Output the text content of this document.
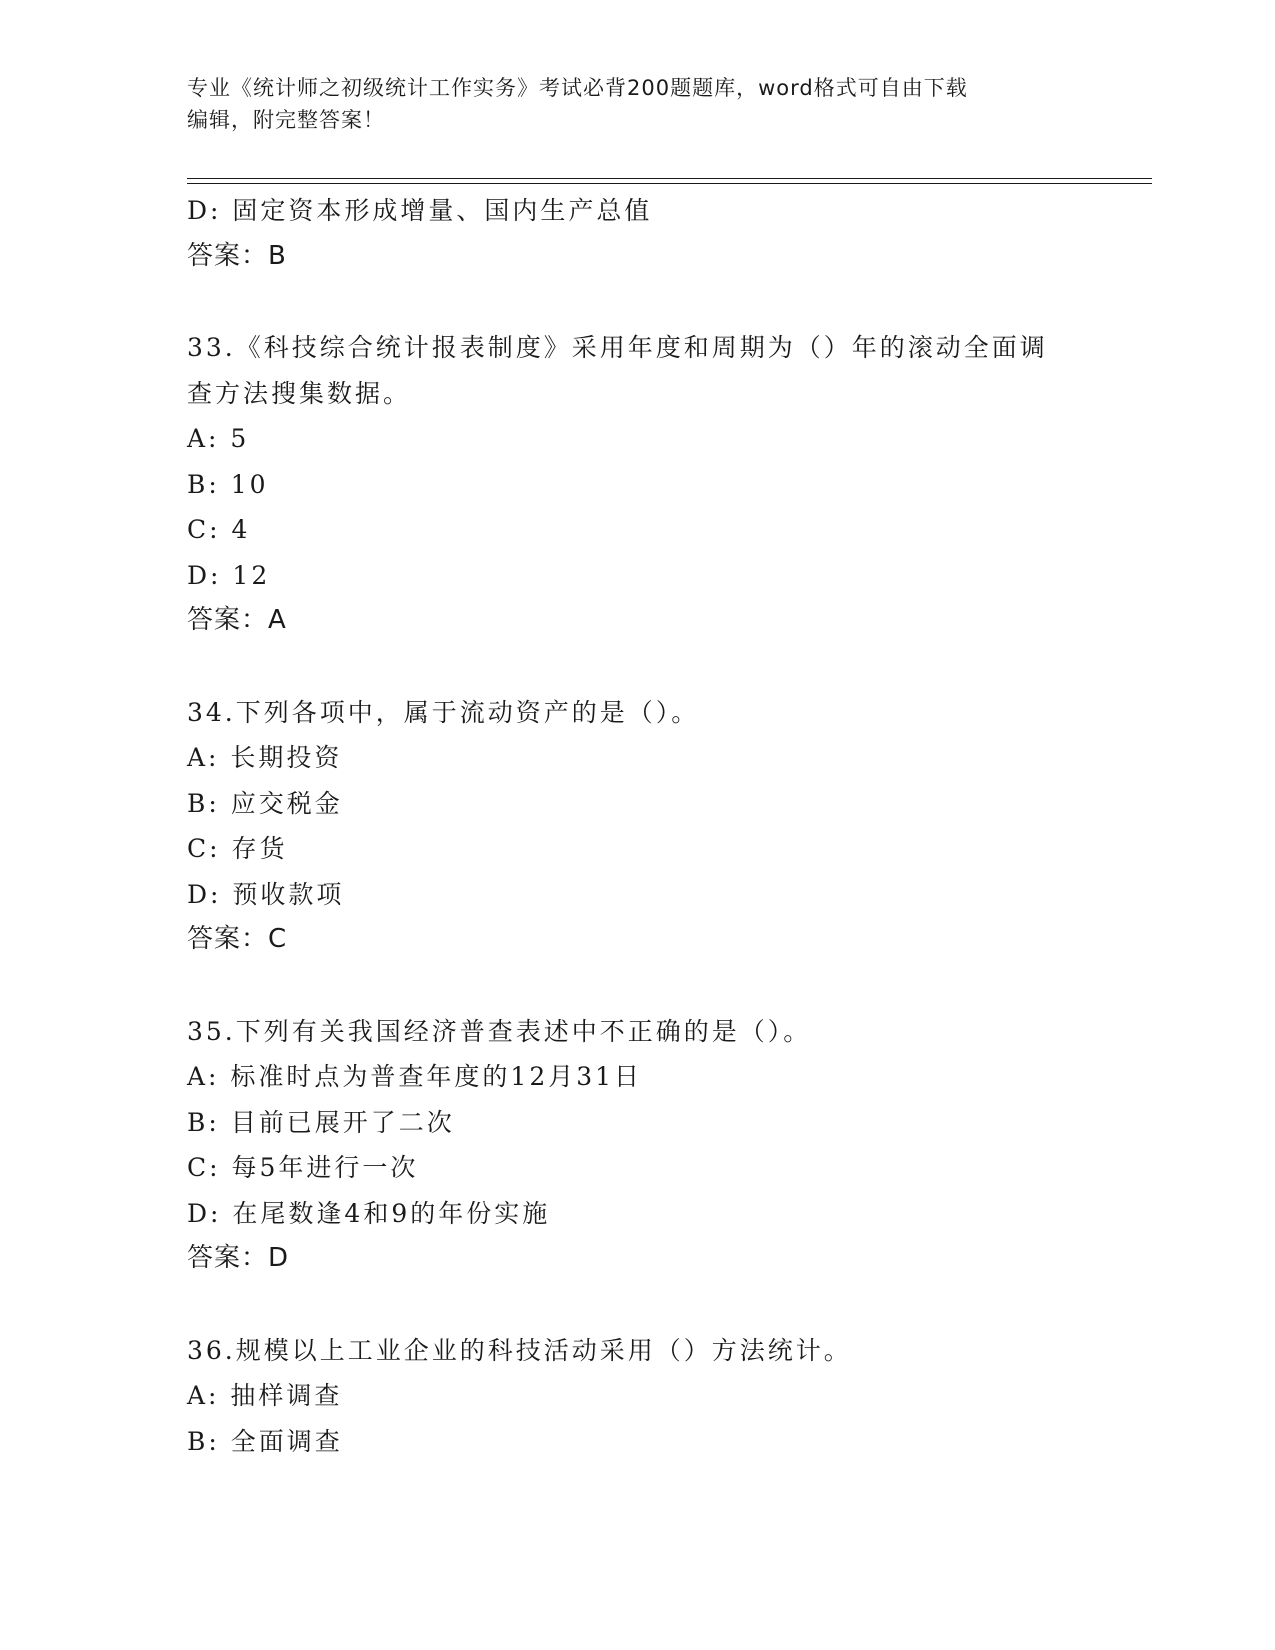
专业《统计师之初级统计工作实务》考试必背200题题库，word格式可自由下载
编辑，附完整答案！
D: 固定资本形成增量、国内生产总值
答案：B
33.《科技综合统计报表制度》采用年度和周期为（）年的滚动全面调
查方法搜集数据。
A: 5
B: 10
C: 4
D: 12
答案：A
34.下列各项中，属于流动资产的是（）。
A: 长期投资
B: 应交税金
C: 存货
D: 预收款项
答案：C
35.下列有关我国经济普查表述中不正确的是（）。
A: 标准时点为普查年度的12月31日
B: 目前已展开了二次
C: 每5年进行一次
D: 在尾数逢4和9的年份实施
答案：D
36.规模以上工业企业的科技活动采用（）方法统计。
A: 抽样调查
B: 全面调查
